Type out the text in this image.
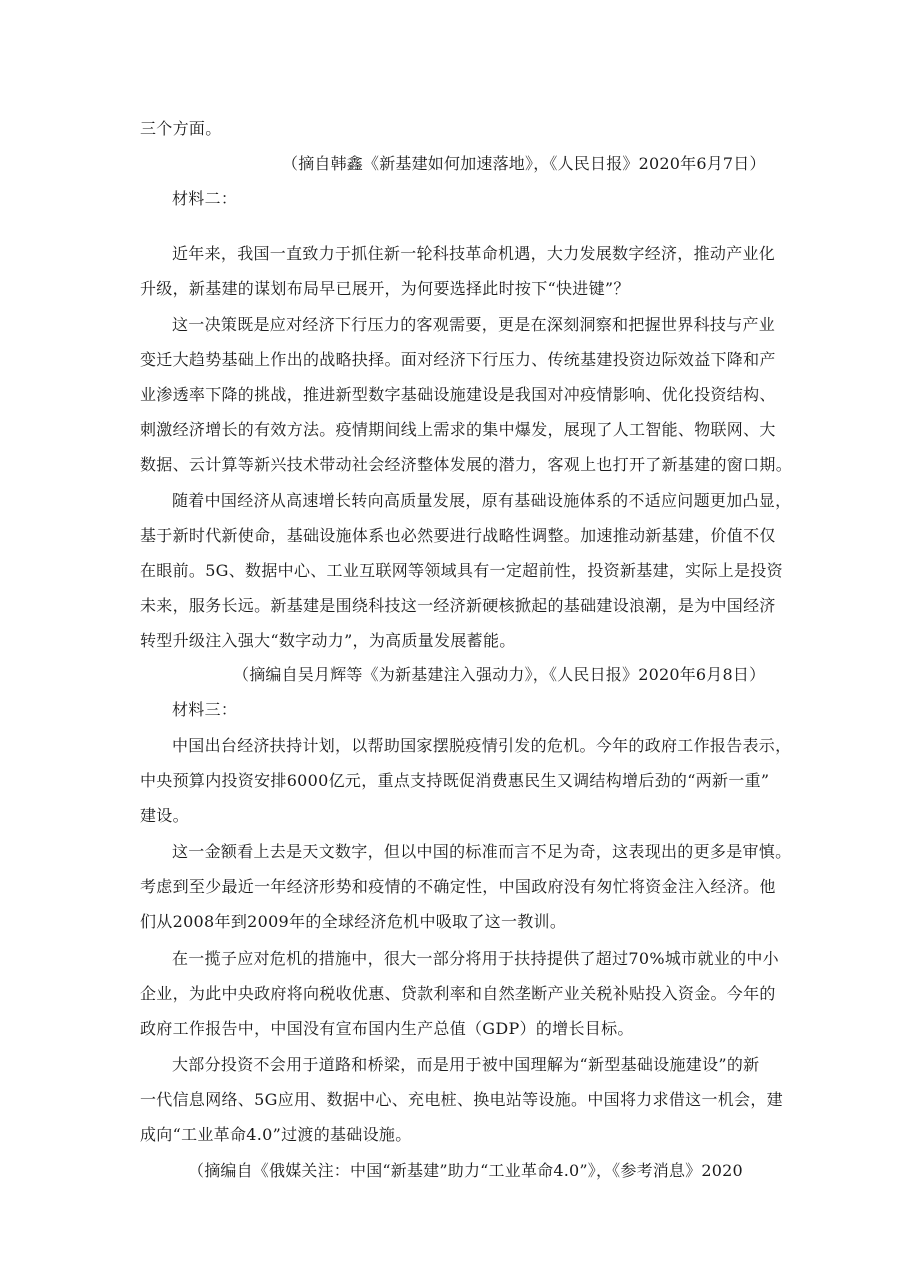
三个方面。
（摘自韩鑫《新基建如何加速落地》，《人民日报》2020年6月7日）
材料二：
近年来，我国一直致力于抓住新一轮科技革命机遇，大力发展数字经济，推动产业化
升级，新基建的谋划布局早已展开，为何要选择此时按下“快进键”？
这一决策既是应对经济下行压力的客观需要，更是在深刻洞察和把握世界科技与产业
变迁大趋势基础上作出的战略抉择。面对经济下行压力、传统基建投资边际效益下降和产
业渗透率下降的挑战，推进新型数字基础设施建设是我国对冲疫情影响、优化投资结构、
刺激经济增长的有效方法。疫情期间线上需求的集中爆发，展现了人工智能、物联网、大
数据、云计算等新兴技术带动社会经济整体发展的潜力，客观上也打开了新基建的窗口期。
随着中国经济从高速增长转向高质量发展，原有基础设施体系的不适应问题更加凸显，
基于新时代新使命，基础设施体系也必然要进行战略性调整。加速推动新基建，价值不仅
在眼前。5G、数据中心、工业互联网等领域具有一定超前性，投资新基建，实际上是投资
未来，服务长远。新基建是围绕科技这一经济新硬核掀起的基础建设浪潮，是为中国经济
转型升级注入强大“数字动力”，为高质量发展蓄能。
（摘编自吴月辉等《为新基建注入强动力》，《人民日报》2020年6月8日）
材料三：
中国出台经济扶持计划，以帮助国家摆脱疫情引发的危机。今年的政府工作报告表示，
中央预算内投资安排6000亿元，重点支持既促消费惠民生又调结构增后劲的“两新一重”
建设。
这一金额看上去是天文数字，但以中国的标准而言不足为奇，这表现出的更多是审慎。
考虑到至少最近一年经济形势和疫情的不确定性，中国政府没有匆忙将资金注入经济。他
们从2008年到2009年的全球经济危机中吸取了这一教训。
在一揽子应对危机的措施中，很大一部分将用于扶持提供了超过70%城市就业的中小
企业，为此中央政府将向税收优惠、贷款利率和自然垄断产业关税补贴投入资金。今年的
政府工作报告中，中国没有宣布国内生产总值（GDP）的增长目标。
大部分投资不会用于道路和桥梁，而是用于被中国理解为“新型基础设施建设”的新
一代信息网络、5G应用、数据中心、充电桩、换电站等设施。中国将力求借这一机会，建
成向“工业革命4.0”过渡的基础设施。
（摘编自《俄媒关注：中国“新基建”助力“工业革命4.0”》，《参考消息》2020
